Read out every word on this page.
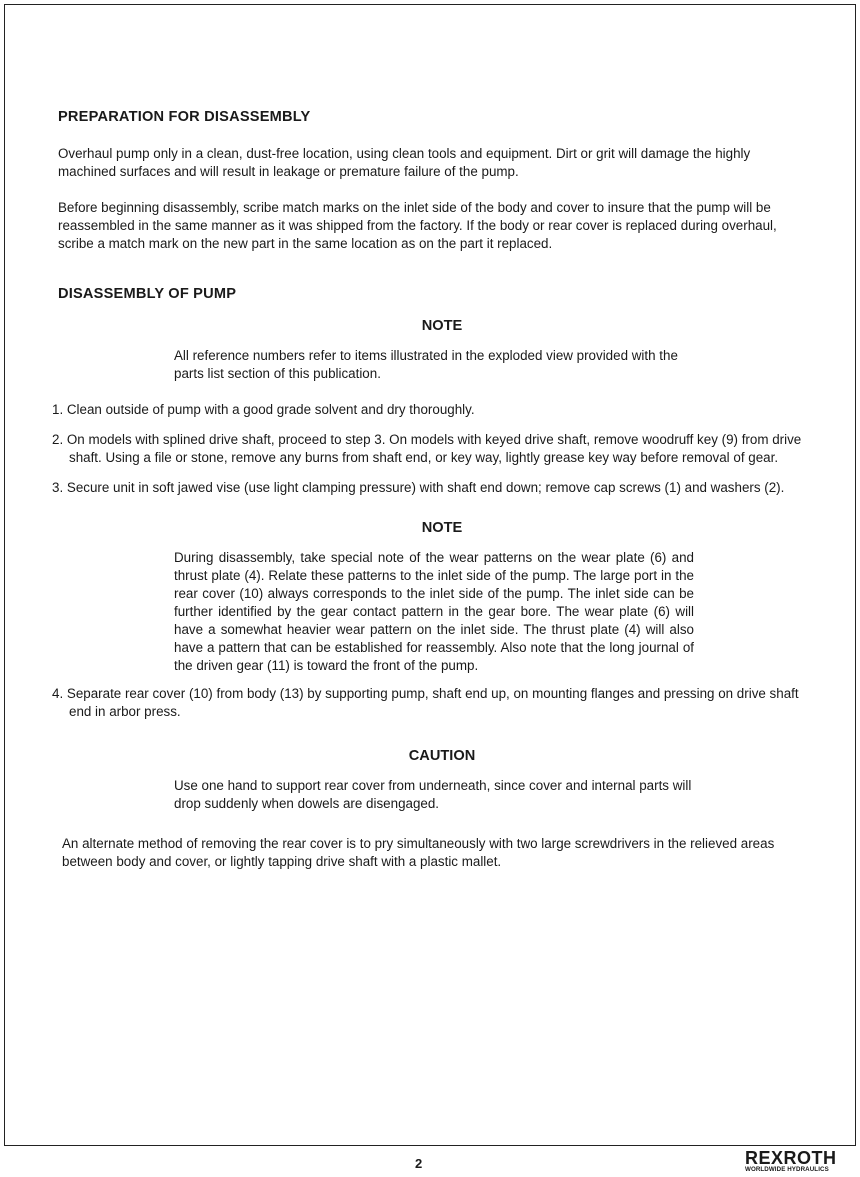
PREPARATION FOR DISASSEMBLY

Overhaul pump only in a clean, dust-free location, using clean tools and equipment. Dirt or grit will damage the highly machined surfaces and will result in leakage or premature failure of the pump.

Before beginning disassembly, scribe match marks on the inlet side of the body and cover to insure that the pump will be reassembled in the same manner as it was shipped from the factory. If the body or rear cover is replaced during overhaul, scribe a match mark on the new part in the same location as on the part it replaced.

DISASSEMBLY OF PUMP
NOTE

All reference numbers refer to items illustrated in the exploded view provided with the parts list section of this publication.

1. Clean outside of pump with a good grade solvent and dry thoroughly.
2. On models with splined drive shaft, proceed to step 3. On models with keyed drive shaft, remove woodruff key (9) from drive shaft. Using a file or stone, remove any burns from shaft end, or key way, lightly grease key way before removal of gear.
3. Secure unit in soft jawed vise (use light clamping pressure) with shaft end down; remove cap screws (1) and washers (2).
NOTE

During disassembly, take special note of the wear patterns on the wear plate (6) and thrust plate (4). Relate these patterns to the inlet side of the pump. The large port in the rear cover (10) always corresponds to the inlet side of the pump. The inlet side can be further identified by the gear contact pattern in the gear bore. The wear plate (6) will have a somewhat heavier wear pattern on the inlet side. The thrust plate (4) will also have a pattern that can be established for reassembly. Also note that the long journal of the driven gear (11) is toward the front of the pump.

4. Separate rear cover (10) from body (13) by supporting pump, shaft end up, on mounting flanges and pressing on drive shaft end in arbor press.
CAUTION

Use one hand to support rear cover from underneath, since cover and internal parts will drop suddenly when dowels are disengaged.

An alternate method of removing the rear cover is to pry simultaneously with two large screwdrivers in the relieved areas between body and cover, or lightly tapping drive shaft with a plastic mallet.

2	REXROTH
WORLDWIDE HYDRAULICS
